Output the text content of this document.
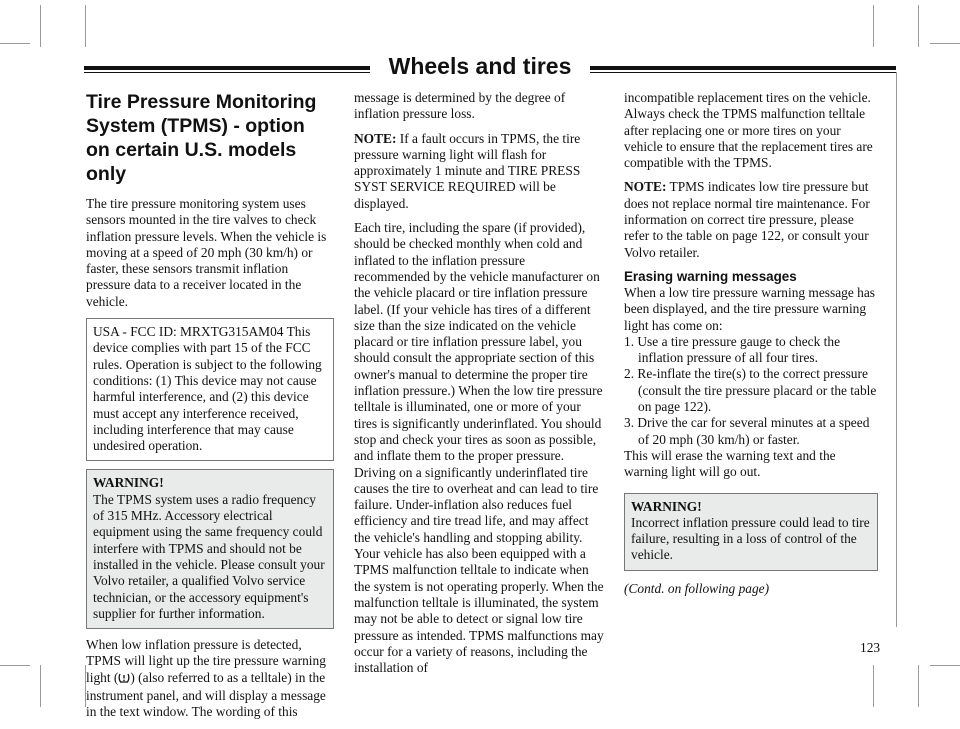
Wheels and tires
Tire Pressure Monitoring System (TPMS) - option on certain U.S. models only

The tire pressure monitoring system uses sensors mounted in the tire valves to check inflation pressure levels. When the vehicle is moving at a speed of 20 mph (30 km/h) or faster, these sensors transmit inflation pressure data to a receiver located in the vehicle.

USA - FCC ID: MRXTG315AM04 This device complies with part 15 of the FCC rules. Operation is subject to the following conditions: (1) This device may not cause harmful interference, and (2) this device must accept any interference received, including interference that may cause undesired operation.
WARNING!
The TPMS system uses a radio frequency of 315 MHz. Accessory electrical equipment using the same frequency could interfere with TPMS and should not be installed in the vehicle. Please consult your Volvo retailer, a qualified Volvo service technician, or the accessory equipment's supplier for further information.

When low inflation pressure is detected, TPMS will light up the tire pressure warning light ( ) (also referred to as a telltale) in the instrument panel, and will display a message in the text window. The wording of this

message is determined by the degree of inflation pressure loss.

NOTE: If a fault occurs in TPMS, the tire pressure warning light will flash for approximately 1 minute and TIRE PRESS SYST SERVICE REQUIRED will be displayed.

Each tire, including the spare (if provided), should be checked monthly when cold and inflated to the inflation pressure recommended by the vehicle manufacturer on the vehicle placard or tire inflation pressure label. (If your vehicle has tires of a different size than the size indicated on the vehicle placard or tire inflation pressure label, you should consult the appropriate section of this owner's manual to determine the proper tire inflation pressure.) When the low tire pressure telltale is illuminated, one or more of your tires is significantly underinflated. You should stop and check your tires as soon as possible, and inflate them to the proper pressure. Driving on a significantly underinflated tire causes the tire to overheat and can lead to tire failure. Under-inflation also reduces fuel efficiency and tire tread life, and may affect the vehicle's handling and stopping ability. Your vehicle has also been equipped with a TPMS malfunction telltale to indicate when the system is not operating properly. When the malfunction telltale is illuminated, the system may not be able to detect or signal low tire pressure as intended. TPMS malfunctions may occur for a variety of reasons, including the installation of

incompatible replacement tires on the vehicle. Always check the TPMS malfunction telltale after replacing one or more tires on your vehicle to ensure that the replacement tires are compatible with the TPMS.

NOTE: TPMS indicates low tire pressure but does not replace normal tire maintenance. For information on correct tire pressure, please refer to the table on page 122, or consult your Volvo retailer.

Erasing warning messages
When a low tire pressure warning message has been displayed, and the tire pressure warning light has come on:
1. Use a tire pressure gauge to check the inflation pressure of all four tires.
2. Re-inflate the tire(s) to the correct pressure (consult the tire pressure placard or the table on page 122).
3. Drive the car for several minutes at a speed of 20 mph (30 km/h) or faster.

This will erase the warning text and the warning light will go out.

WARNING!
Incorrect inflation pressure could lead to tire failure, resulting in a loss of control of the vehicle.
(Contd. on following page)
123
